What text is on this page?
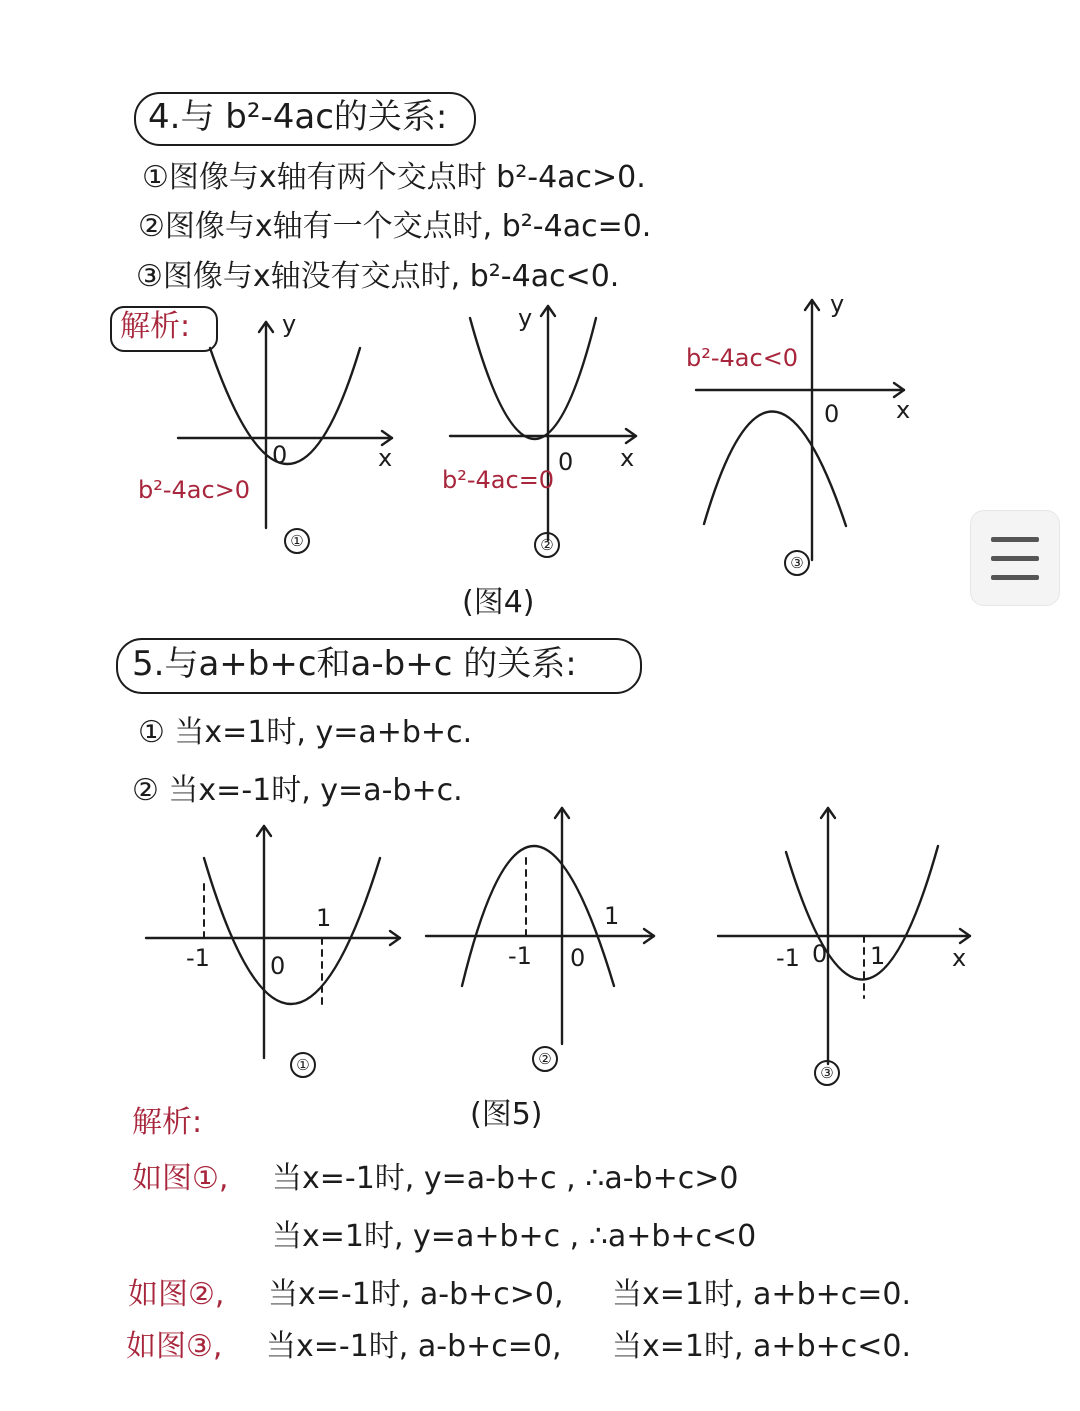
4.与 b²-4ac的关系:
①图像与x轴有两个交点时 b²-4ac>0.
②图像与x轴有一个交点时, b²-4ac=0.
③图像与x轴没有交点时, b²-4ac<0.
解析:	y
x
0
b²-4ac>0
①
y
x
0
b²-4ac=0
②
y
x
0
b²-4ac<0
③
(图4)
5.与a+b+c和a-b+c 的关系:
① 当x=1时, y=a+b+c.
② 当x=-1时, y=a-b+c.
-1
1
0
①
-1
1
0
②
-1	1
0	x
③
(图5)
解析:
如图①, 当x=-1时, y=a-b+c , ∴a-b+c>0
当x=1时, y=a+b+c , ∴a+b+c<0
如图②, 当x=-1时, a-b+c>0, 当x=1时, a+b+c=0.
如图③, 当x=-1时, a-b+c=0, 当x=1时, a+b+c<0.
